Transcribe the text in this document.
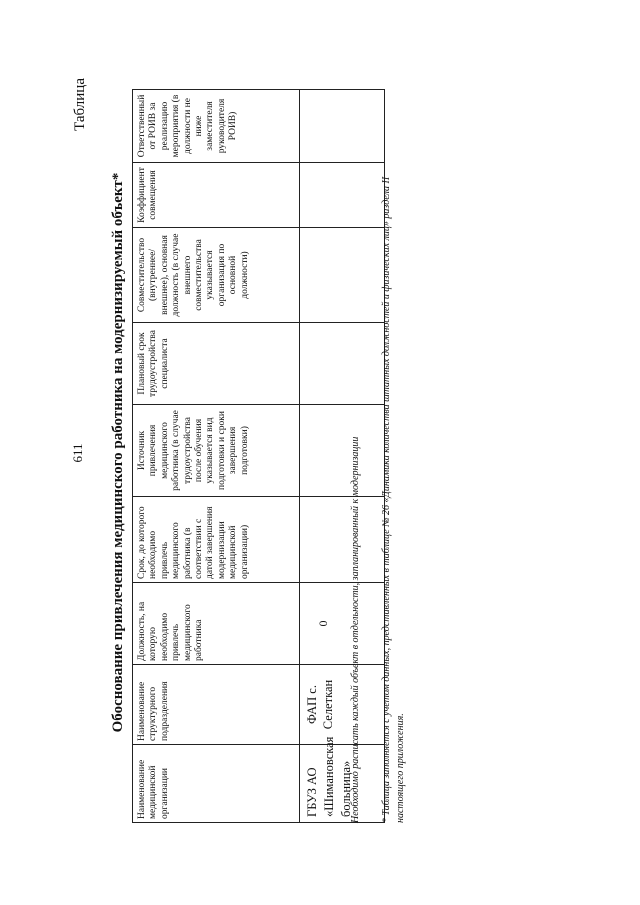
611
Таблица
Обоснование привлечения медицинского работника на модернизируемый объект*
Наименование медицинской организации	Наименование структурного подразделения	Должность, на которую необходимо привлечь медицинского работника	Срок, до которого необходимо привлечь медицинского работника (в соответствии с датой завершения модернизации медицинской организации)	Источник привлечения медицинского работника (в случае трудоустройства после обучения указывается вид подготовки и сроки завершения подготовки)	Плановый срок трудоустройства специалиста	Совместительство (внутреннее/ внешнее), основная должность (в случае внешнего совместительства указывается организация по основной должности)	Коэффициент совмещения	Ответственный от РОИВ за реализацию мероприятия (в должности не ниже заместителя руководителя РОИВ)
ГБУЗ АО «Шимановская больница»	ФАП с. Селеткан	0						Необходимо расписать каждый объект в отдельности, запланированный к модернизации * Таблица заполняется с учетом данных, представленных в таблице № 26 «Динамика количества штатных должностей и физических лиц» раздела II настоящего приложения.
